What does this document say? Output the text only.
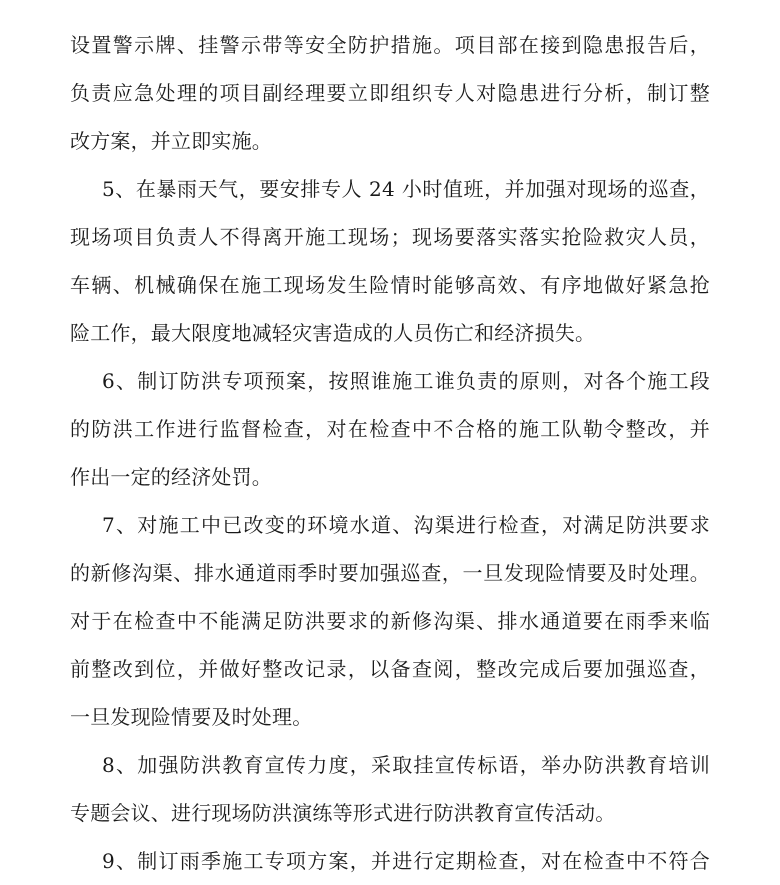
设置警示牌、挂警示带等安全防护措施。项目部在接到隐患报告后，
负责应急处理的项目副经理要立即组织专人对隐患进行分析，制订整
改方案，并立即实施。
5、在暴雨天气，要安排专人 24 小时值班，并加强对现场的巡查，
现场项目负责人不得离开施工现场；现场要落实落实抢险救灾人员，
车辆、机械确保在施工现场发生险情时能够高效、有序地做好紧急抢
险工作，最大限度地减轻灾害造成的人员伤亡和经济损失。
6、制订防洪专项预案，按照谁施工谁负责的原则，对各个施工段
的防洪工作进行监督检查，对在检查中不合格的施工队勒令整改，并
作出一定的经济处罚。
7、对施工中已改变的环境水道、沟渠进行检查，对满足防洪要求
的新修沟渠、排水通道雨季时要加强巡查，一旦发现险情要及时处理。
对于在检查中不能满足防洪要求的新修沟渠、排水通道要在雨季来临
前整改到位，并做好整改记录，以备查阅，整改完成后要加强巡查，
一旦发现险情要及时处理。
8、加强防洪教育宣传力度，采取挂宣传标语，举办防洪教育培训
专题会议、进行现场防洪演练等形式进行防洪教育宣传活动。
9、制订雨季施工专项方案，并进行定期检查，对在检查中不符合
